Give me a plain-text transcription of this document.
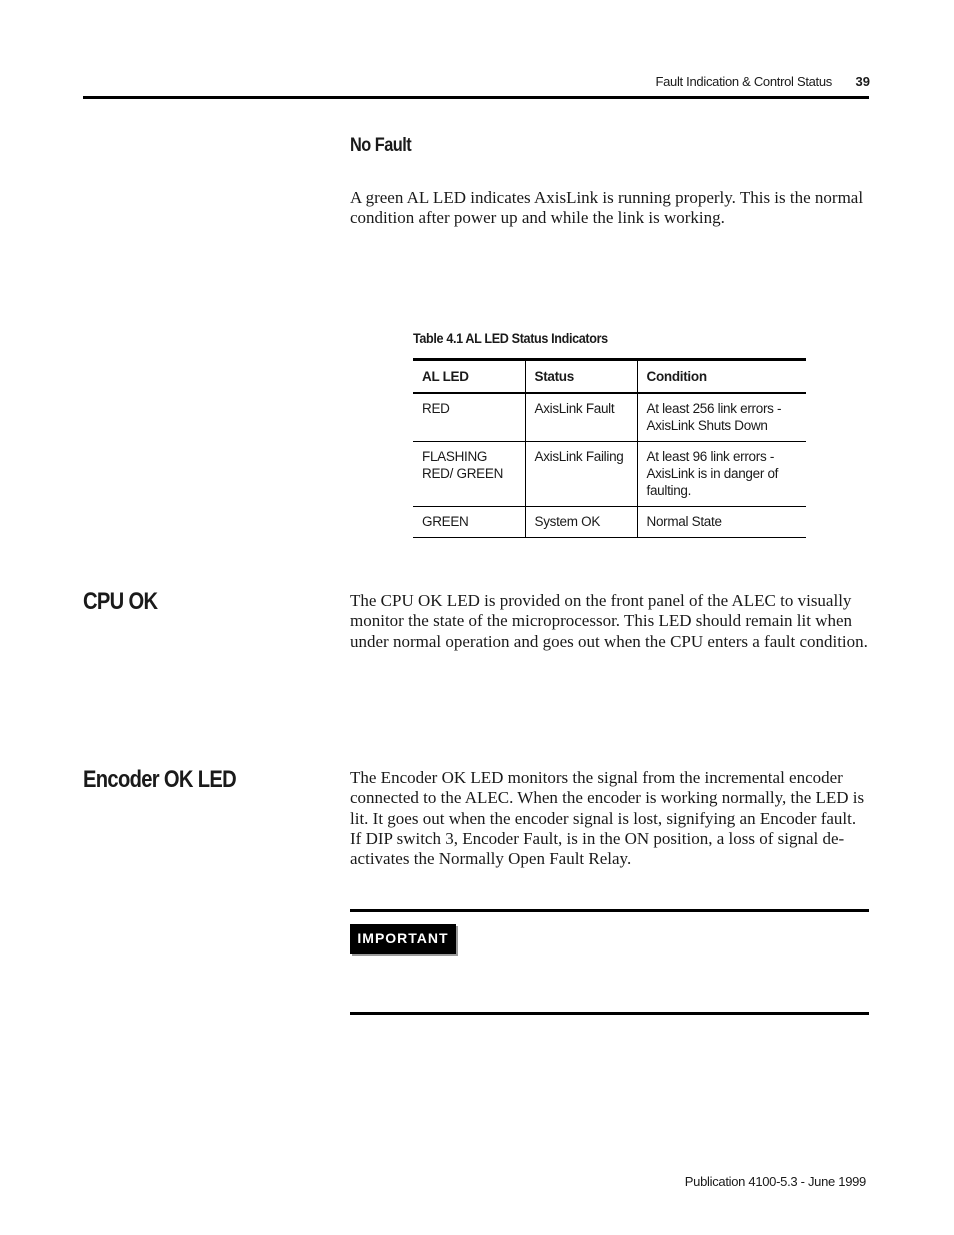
Fault Indication & Control Status	39
No Fault
A green AL LED indicates AxisLink is running properly. This is the normal condition after power up and while the link is working.
Table 4.1 AL LED Status Indicators
AL LED	Status	Condition
RED	AxisLink Fault	At least 256 link errors - AxisLink Shuts Down
FLASHING RED/ GREEN	AxisLink Failing	At least 96 link errors - AxisLink is in danger of faulting.
GREEN	System OK	Normal State
CPU OK	The CPU OK LED is provided on the front panel of the ALEC to visually monitor the state of the microprocessor. This LED should remain lit when under normal operation and goes out when the CPU enters a fault condition.
Encoder OK LED	The Encoder OK LED monitors the signal from the incremental encoder connected to the ALEC. When the encoder is working normally, the LED is lit. It goes out when the encoder signal is lost, signifying an Encoder fault. If DIP switch 3, Encoder Fault, is in the ON position, a loss of signal de-activates the Normally Open Fault Relay.
IMPORTANT
Publication 4100-5.3 - June 1999
